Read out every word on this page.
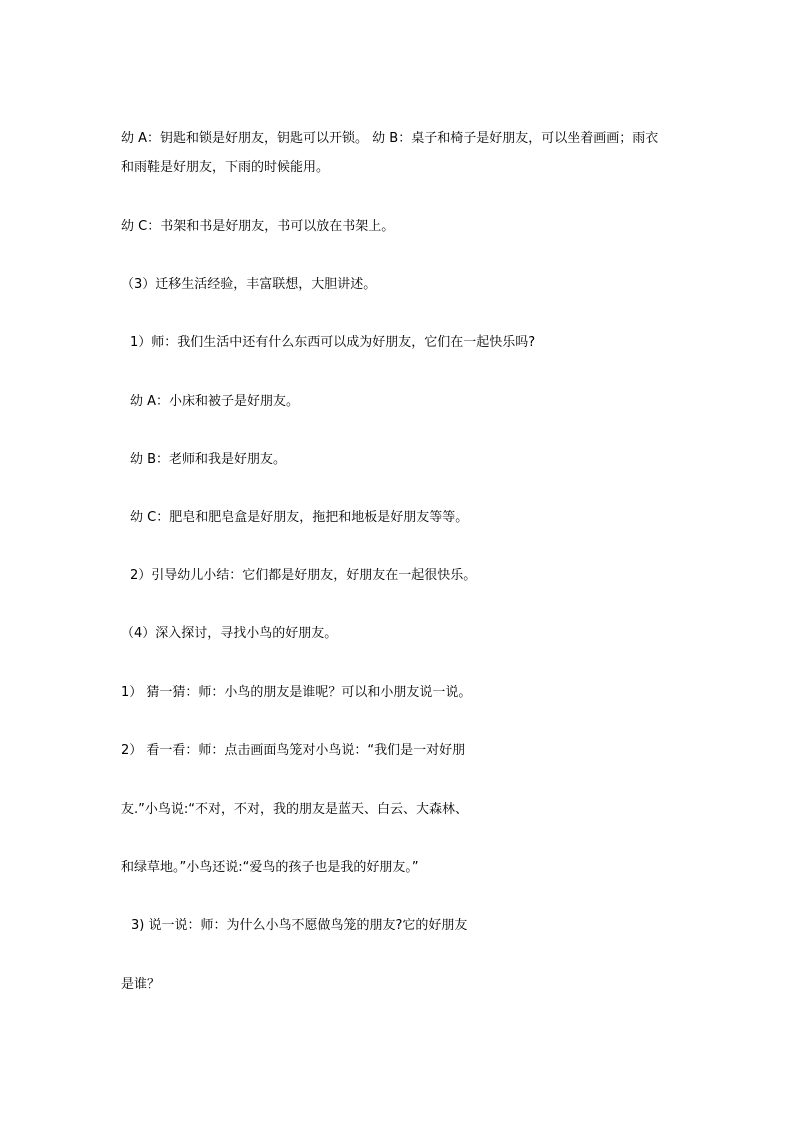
幼 A：钥匙和锁是好朋友，钥匙可以开锁。 幼 B：桌子和椅子是好朋友，可以坐着画画；雨衣
和雨鞋是好朋友，下雨的时候能用。
幼 C：书架和书是好朋友，书可以放在书架上。
（3）迁移生活经验，丰富联想，大胆讲述。
1）师：我们生活中还有什么东西可以成为好朋友，它们在一起快乐吗?
幼 A：小床和被子是好朋友。
幼 B：老师和我是好朋友。
幼 C：肥皂和肥皂盒是好朋友，拖把和地板是好朋友等等。
2）引导幼儿小结：它们都是好朋友，好朋友在一起很快乐。
（4）深入探讨，寻找小鸟的好朋友。
1） 猜一猜：师：小鸟的朋友是谁呢？可以和小朋友说一说。
2） 看一看：师：点击画面鸟笼对小鸟说：“我们是一对好朋
友.”小鸟说:“不对，不对，我的朋友是蓝天、白云、大森林、
和绿草地。”小鸟还说:“爱鸟的孩子也是我的好朋友。”
3) 说一说：师：为什么小鸟不愿做鸟笼的朋友?它的好朋友
是谁？
